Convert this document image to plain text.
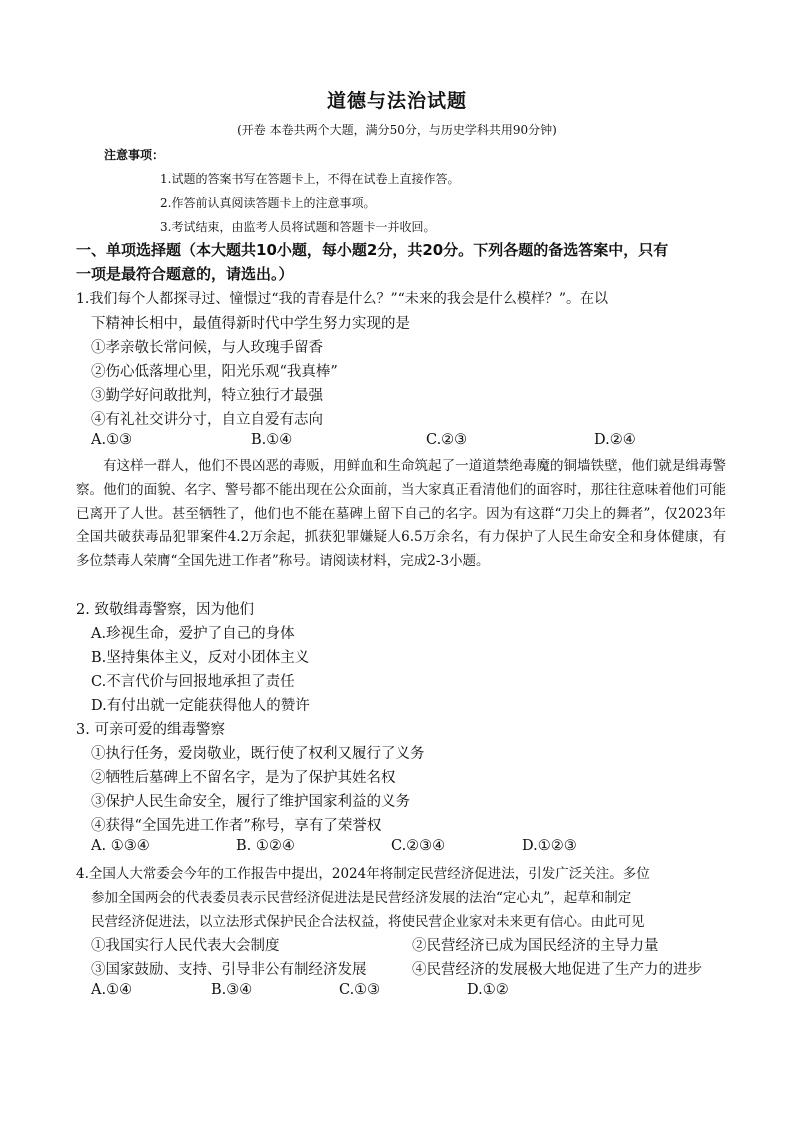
道德与法治试题
(开卷 本卷共两个大题，满分50分，与历史学科共用90分钟)
注意事项：
1.试题的答案书写在答题卡上，不得在试卷上直接作答。
2.作答前认真阅读答题卡上的注意事项。
3.考试结束，由监考人员将试题和答题卡一并收回。
一、单项选择题（本大题共10小题，每小题2分，共20分。下列各题的备选答案中，只有
一项是最符合题意的，请选出。）
1.我们每个人都探寻过、憧憬过“我的青春是什么？”“未来的我会是什么模样？”。在以
下精神长相中，最值得新时代中学生努力实现的是
①孝亲敬长常问候，与人玫瑰手留香
②伤心低落埋心里，阳光乐观“我真棒”
③勤学好问敢批判，特立独行才最强
④有礼社交讲分寸，自立自爱有志向
A.①③	B.①④	C.②③	D.②④
有这样一群人，他们不畏凶恶的毒贩，用鲜血和生命筑起了一道道禁绝毒魔的铜墙铁壁，他们就是缉毒警察。他们的面貌、名字、警号都不能出现在公众面前，当大家真正看清他们的面容时，那往往意味着他们可能已离开了人世。甚至牺牲了，他们也不能在墓碑上留下自己的名字。因为有这群“刀尖上的舞者”，仅2023年全国共破获毒品犯罪案件4.2万余起，抓获犯罪嫌疑人6.5万余名，有力保护了人民生命安全和身体健康，有多位禁毒人荣膺“全国先进工作者”称号。请阅读材料，完成2-3小题。
2. 致敬缉毒警察，因为他们
A.珍视生命，爱护了自己的身体
B.坚持集体主义，反对小团体主义
C.不言代价与回报地承担了责任
D.有付出就一定能获得他人的赞许
3. 可亲可爱的缉毒警察
①执行任务，爱岗敬业，既行使了权利又履行了义务
②牺牲后墓碑上不留名字，是为了保护其姓名权
③保护人民生命安全，履行了维护国家利益的义务
④获得“全国先进工作者”称号，享有了荣誉权
A. ①③④	B. ①②④	C.②③④	D.①②③
4.全国人大常委会今年的工作报告中提出，2024年将制定民营经济促进法，引发广泛关注。多位
参加全国两会的代表委员表示民营经济促进法是民营经济发展的法治“定心丸”，起草和制定
民营经济促进法，以立法形式保护民企合法权益，将使民营企业家对未来更有信心。由此可见
①我国实行人民代表大会制度	②民营经济已成为国民经济的主导力量
③国家鼓励、支持、引导非公有制经济发展	④民营经济的发展极大地促进了生产力的进步
A.①④	B.③④	C.①③	D.①②
